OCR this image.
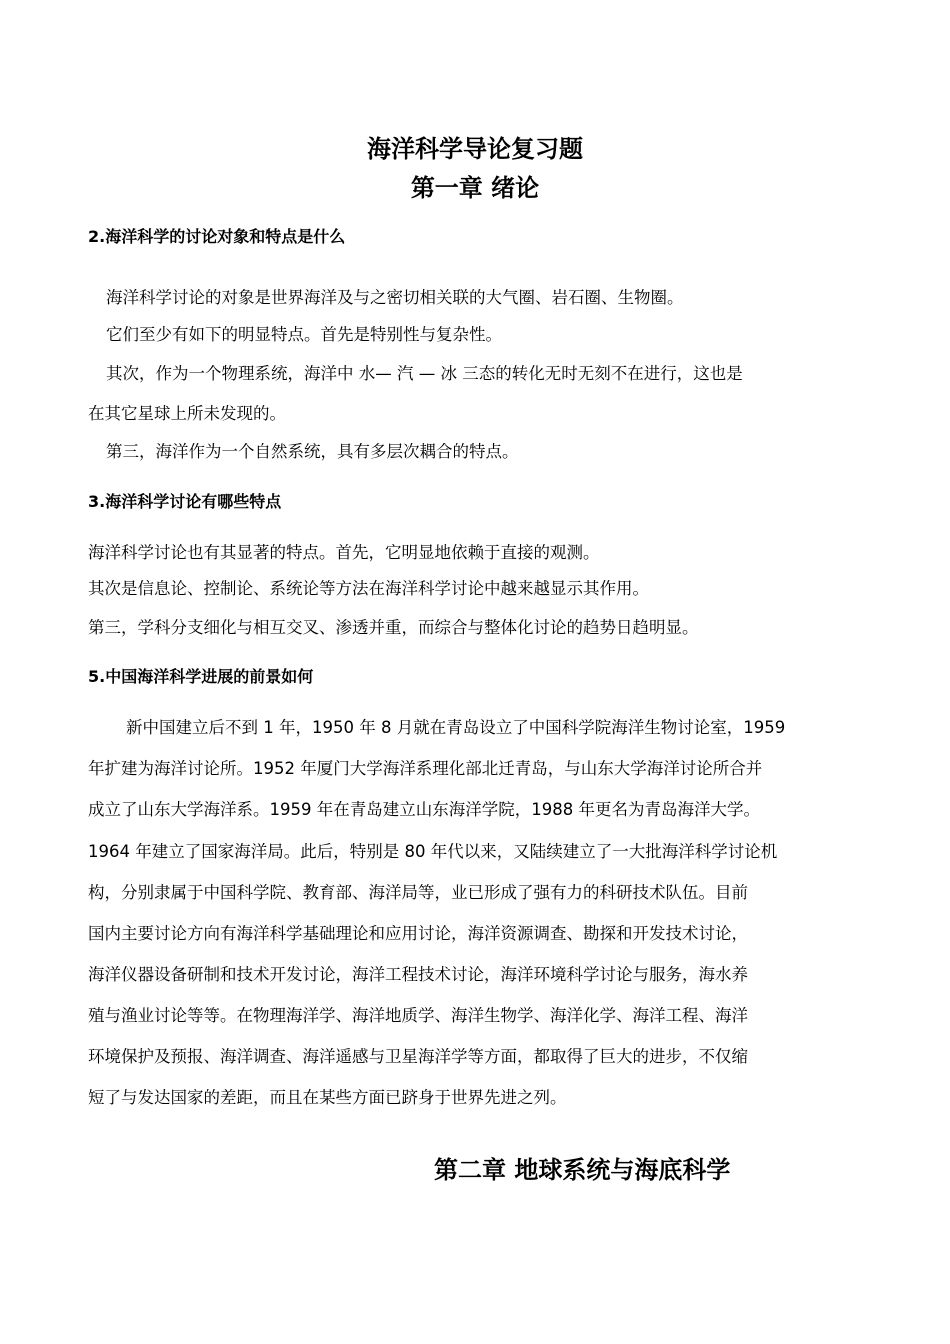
海洋科学导论复习题
第一章 绪论
2.海洋科学的讨论对象和特点是什么
海洋科学讨论的对象是世界海洋及与之密切相关联的大气圈、岩石圈、生物圈。
它们至少有如下的明显特点。首先是特别性与复杂性。
其次，作为一个物理系统，海洋中 水— 汽 — 冰 三态的转化无时无刻不在进行，这也是
在其它星球上所未发现的。
第三，海洋作为一个自然系统，具有多层次耦合的特点。
3.海洋科学讨论有哪些特点
海洋科学讨论也有其显著的特点。首先，它明显地依赖于直接的观测。
其次是信息论、控制论、系统论等方法在海洋科学讨论中越来越显示其作用。
第三，学科分支细化与相互交叉、渗透并重，而综合与整体化讨论的趋势日趋明显。
5.中国海洋科学进展的前景如何
新中国建立后不到 1 年，1950 年 8 月就在青岛设立了中国科学院海洋生物讨论室，1959
年扩建为海洋讨论所。1952 年厦门大学海洋系理化部北迁青岛，与山东大学海洋讨论所合并
成立了山东大学海洋系。1959 年在青岛建立山东海洋学院，1988 年更名为青岛海洋大学。
1964 年建立了国家海洋局。此后，特别是 80 年代以来，又陆续建立了一大批海洋科学讨论机
构，分别隶属于中国科学院、教育部、海洋局等，业已形成了强有力的科研技术队伍。目前
国内主要讨论方向有海洋科学基础理论和应用讨论，海洋资源调查、勘探和开发技术讨论，
海洋仪器设备研制和技术开发讨论，海洋工程技术讨论，海洋环境科学讨论与服务，海水养
殖与渔业讨论等等。在物理海洋学、海洋地质学、海洋生物学、海洋化学、海洋工程、海洋
环境保护及预报、海洋调查、海洋遥感与卫星海洋学等方面，都取得了巨大的进步，不仅缩
短了与发达国家的差距，而且在某些方面已跻身于世界先进之列。
第二章 地球系统与海底科学
